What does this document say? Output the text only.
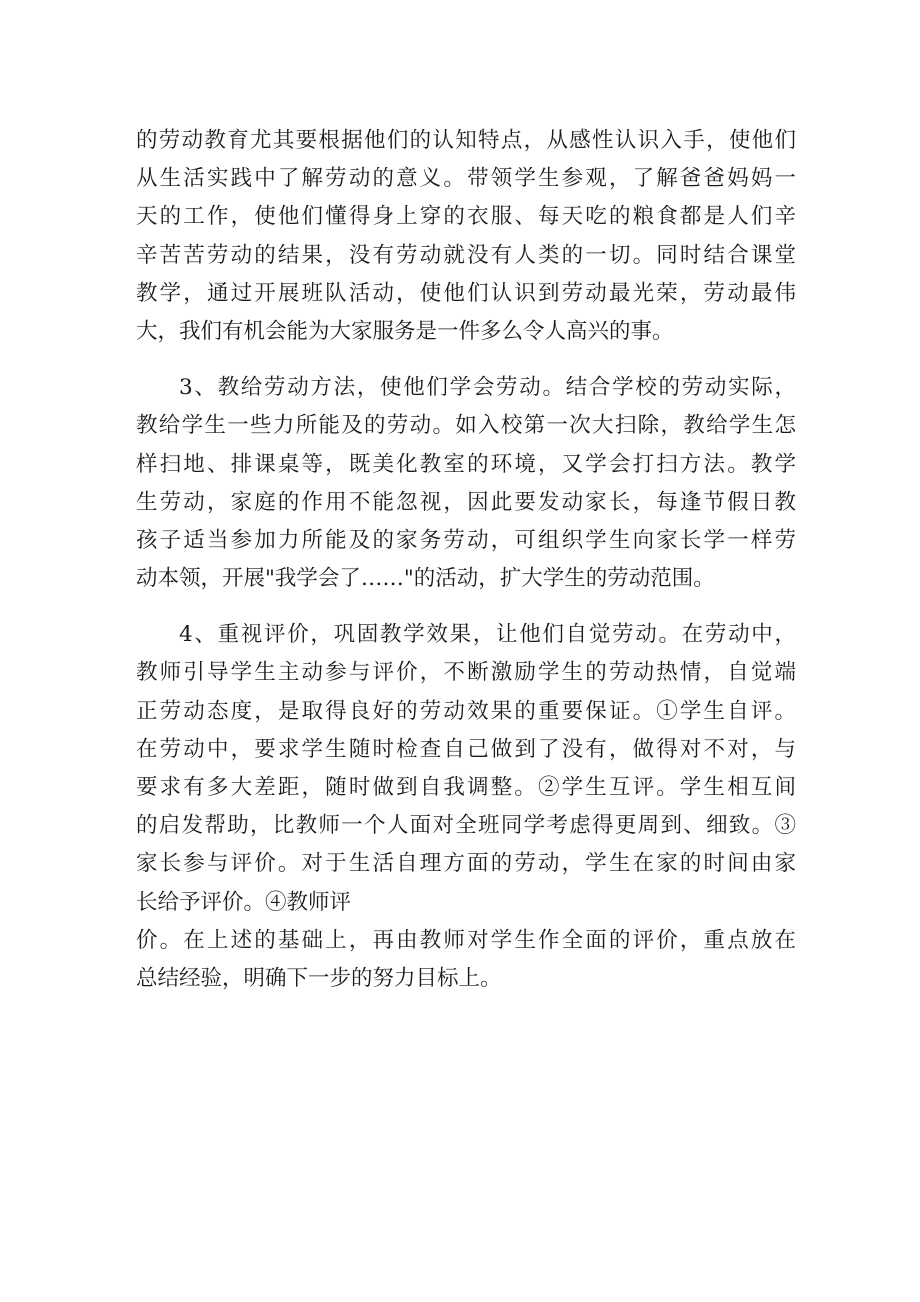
的劳动教育尤其要根据他们的认知特点，从感性认识入手，使他们
从生活实践中了解劳动的意义。带领学生参观，了解爸爸妈妈一
天的工作，使他们懂得身上穿的衣服、每天吃的粮食都是人们辛
辛苦苦劳动的结果，没有劳动就没有人类的一切。同时结合课堂
教学，通过开展班队活动，使他们认识到劳动最光荣，劳动最伟
大，我们有机会能为大家服务是一件多么令人高兴的事。
3、教给劳动方法，使他们学会劳动。结合学校的劳动实际，
教给学生一些力所能及的劳动。如入校第一次大扫除，教给学生怎
样扫地、排课桌等，既美化教室的环境，又学会打扫方法。教学
生劳动，家庭的作用不能忽视，因此要发动家长，每逢节假日教
孩子适当参加力所能及的家务劳动，可组织学生向家长学一样劳
动本领，开展"我学会了……"的活动，扩大学生的劳动范围。
4、重视评价，巩固教学效果，让他们自觉劳动。在劳动中，
教师引导学生主动参与评价，不断激励学生的劳动热情，自觉端
正劳动态度，是取得良好的劳动效果的重要保证。①学生自评。
在劳动中，要求学生随时检查自己做到了没有，做得对不对，与
要求有多大差距，随时做到自我调整。②学生互评。学生相互间
的启发帮助，比教师一个人面对全班同学考虑得更周到、细致。③
家长参与评价。对于生活自理方面的劳动，学生在家的时间由家
长给予评价。④教师评
价。在上述的基础上，再由教师对学生作全面的评价，重点放在
总结经验，明确下一步的努力目标上。
